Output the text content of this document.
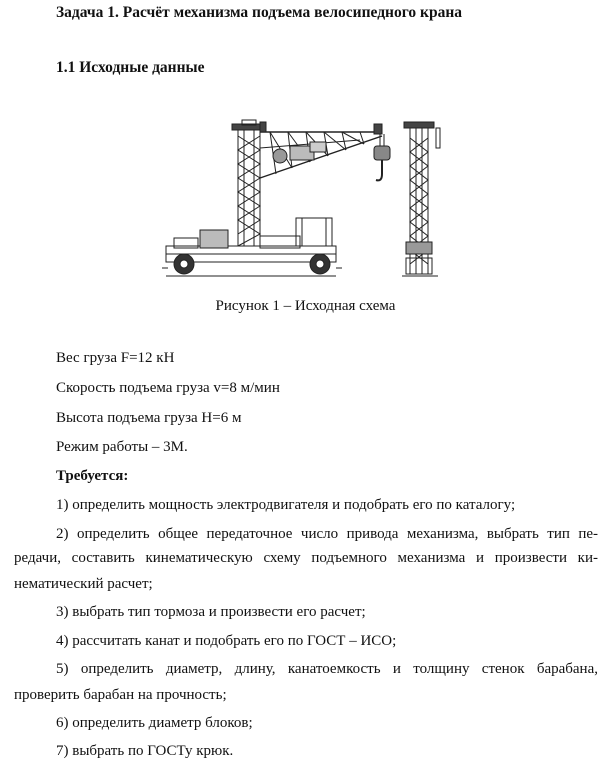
Задача 1. Расчёт механизма подъема велосипедного крана
1.1 Исходные данные
Рисунок 1 – Исходная схема
Вес груза F=12 кН
Скорость подъема груза v=8 м/мин
Высота подъема груза H=6 м
Режим работы – 3М.
Требуется:
1) определить мощность электродвигателя и подобрать его по каталогу;
2) определить общее передаточное число привода механизма, выбрать тип пе-
редачи, составить кинематическую схему подъемного механизма и произвести ки-
нематический расчет;
3) выбрать тип тормоза и произвести его расчет;
4) рассчитать канат и подобрать его по ГОСТ – ИСО;
5) определить диаметр, длину, канатоемкость и толщину стенок барабана,
проверить барабан на прочность;
6) определить диаметр блоков;
7) выбрать по ГОСТу крюк.
